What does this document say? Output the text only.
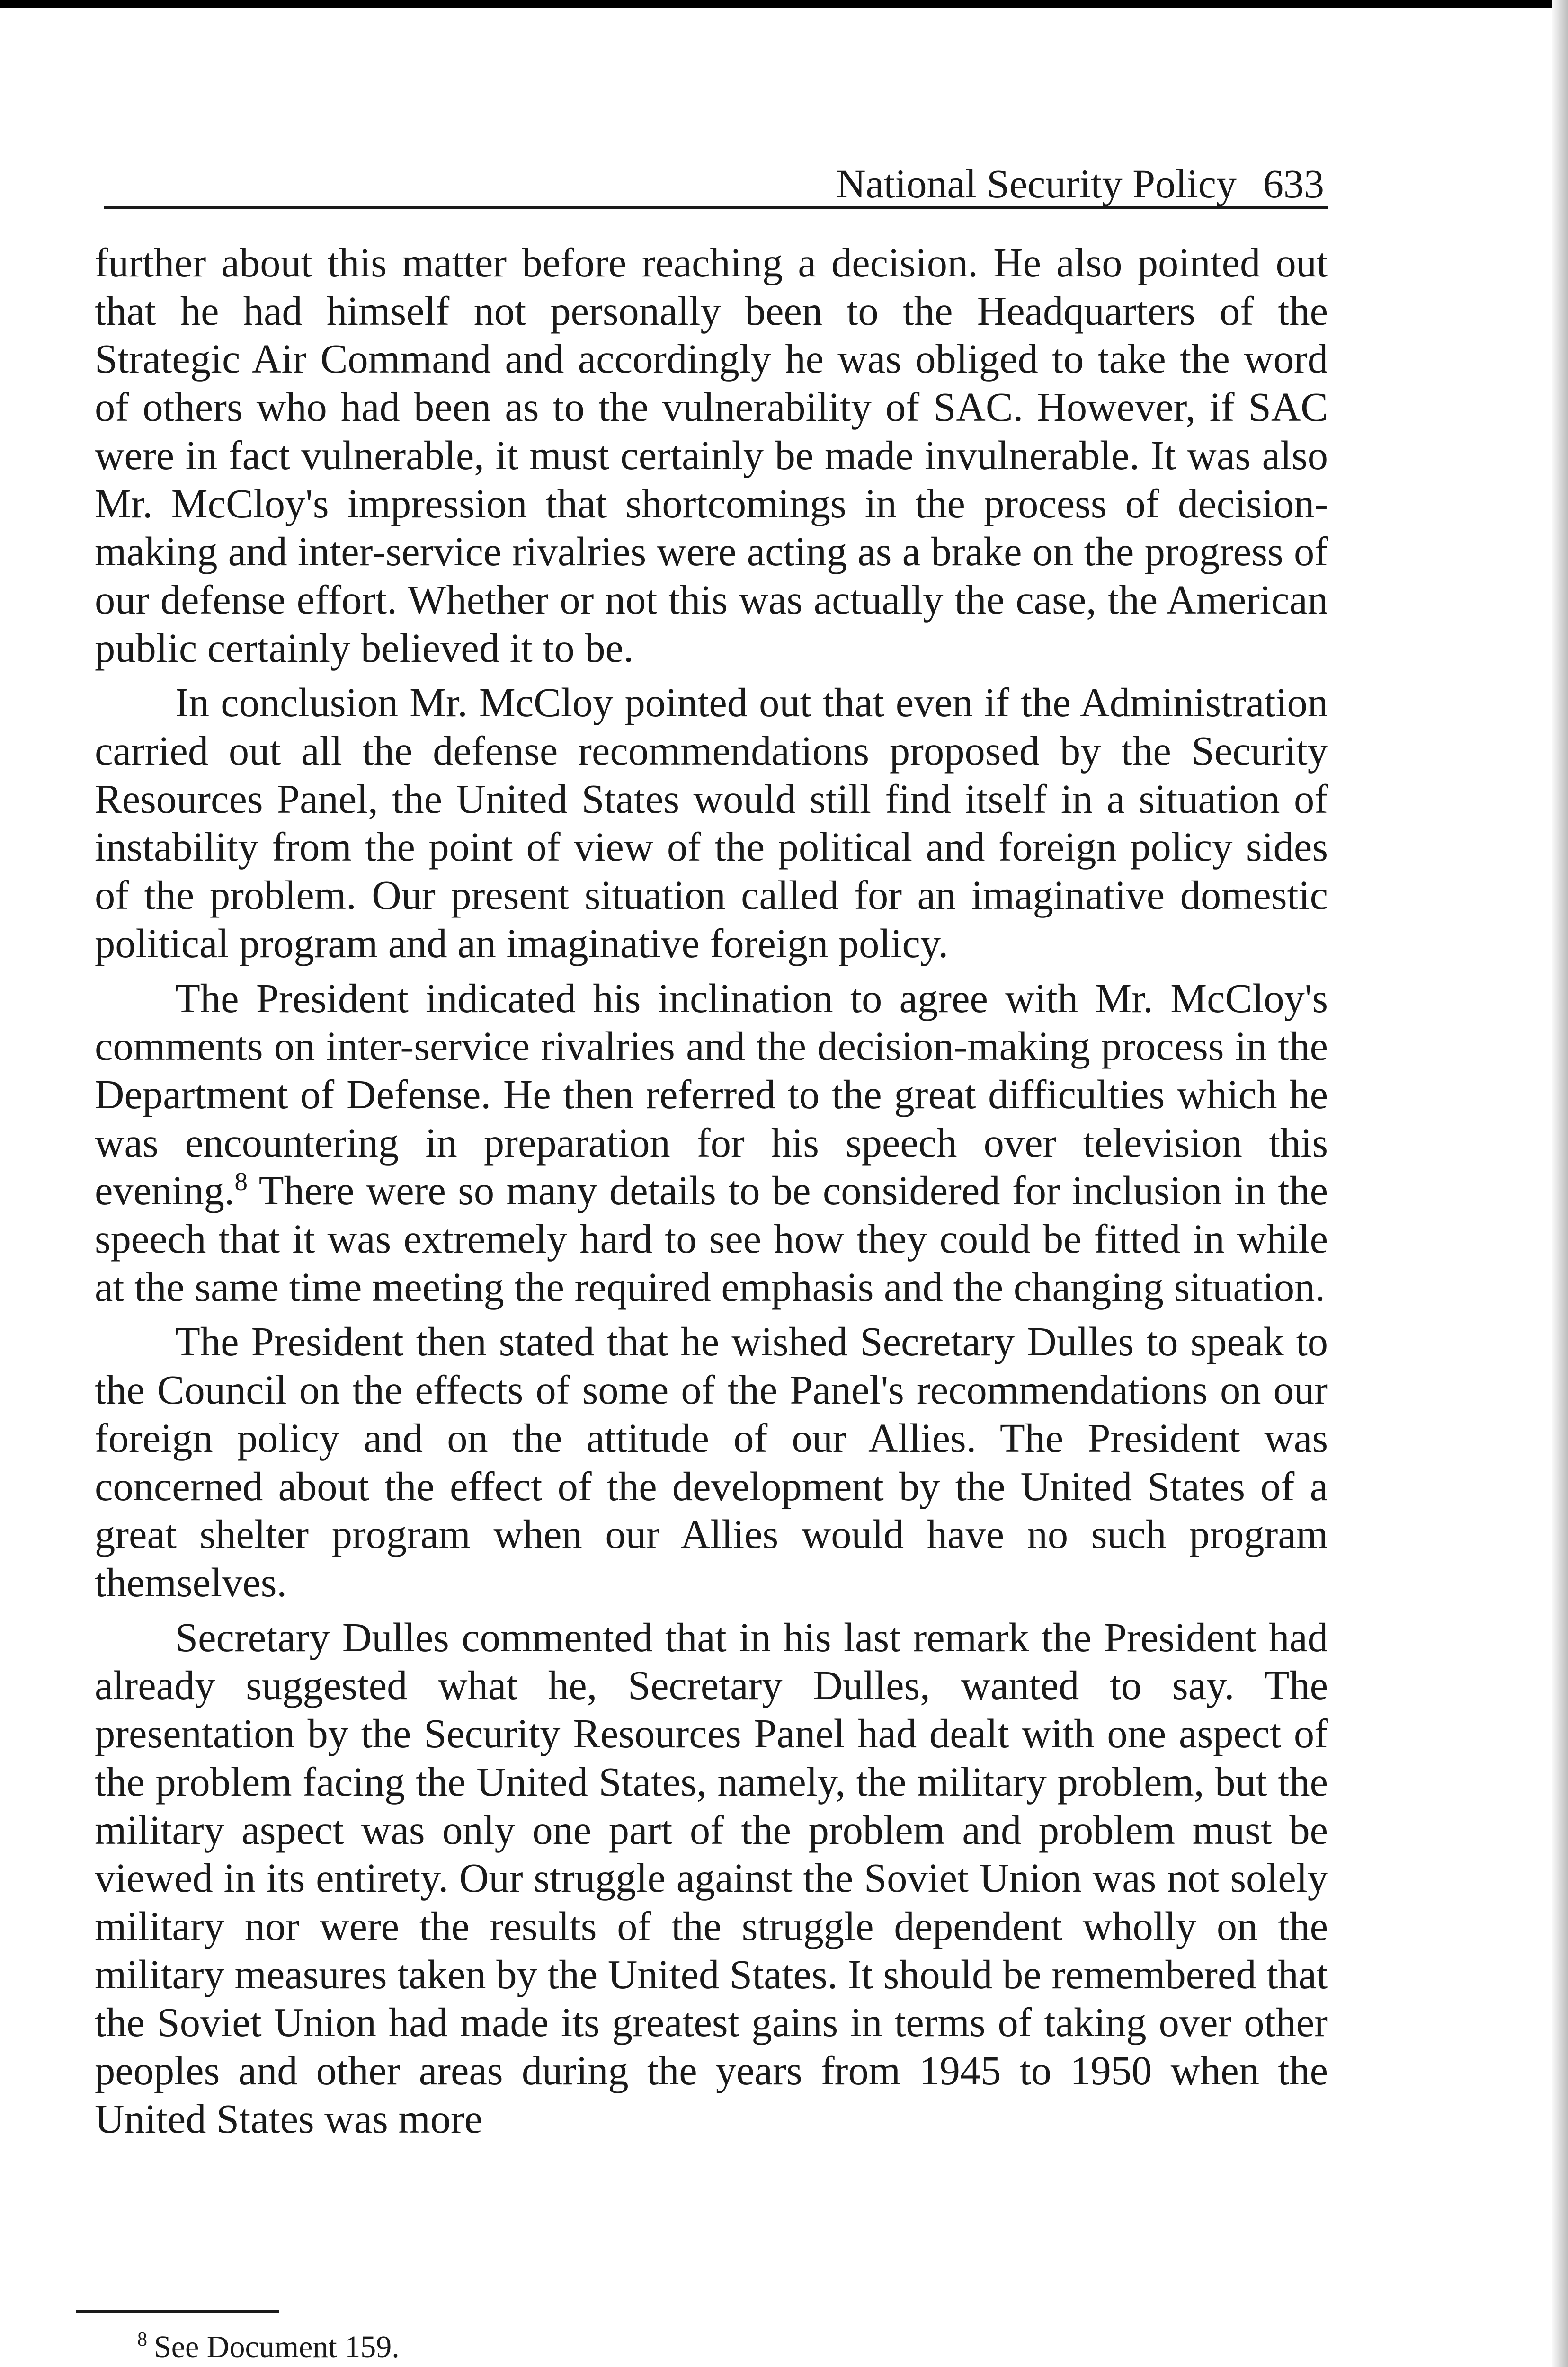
National Security Policy 633

further about this matter before reaching a decision. He also pointed out that he had himself not personally been to the Headquarters of the Strategic Air Command and accordingly he was obliged to take the word of others who had been as to the vulnerability of SAC. However, if SAC were in fact vulnerable, it must certainly be made invulnerable. It was also Mr. McCloy's impression that shortcomings in the process of decision-making and inter-service rivalries were acting as a brake on the progress of our defense effort. Whether or not this was actually the case, the American public certainly believed it to be.

In conclusion Mr. McCloy pointed out that even if the Administration carried out all the defense recommendations proposed by the Security Resources Panel, the United States would still find itself in a situation of instability from the point of view of the political and foreign policy sides of the problem. Our present situation called for an imaginative domestic political program and an imaginative foreign policy.

The President indicated his inclination to agree with Mr. McCloy's comments on inter-service rivalries and the decision-making process in the Department of Defense. He then referred to the great difficulties which he was encountering in preparation for his speech over television this evening.$^8$ There were so many details to be considered for inclusion in the speech that it was extremely hard to see how they could be fitted in while at the same time meeting the required emphasis and the changing situation.

The President then stated that he wished Secretary Dulles to speak to the Council on the effects of some of the Panel's recommendations on our foreign policy and on the attitude of our Allies. The President was concerned about the effect of the development by the United States of a great shelter program when our Allies would have no such program themselves.

Secretary Dulles commented that in his last remark the President had already suggested what he, Secretary Dulles, wanted to say. The presentation by the Security Resources Panel had dealt with one aspect of the problem facing the United States, namely, the military problem, but the military aspect was only one part of the problem and problem must be viewed in its entirety. Our struggle against the Soviet Union was not solely military nor were the results of the struggle dependent wholly on the military measures taken by the United States. It should be remembered that the Soviet Union had made its greatest gains in terms of taking over other peoples and other areas during the years from 1945 to 1950 when the United States was more

$^8$ See Document 159.
